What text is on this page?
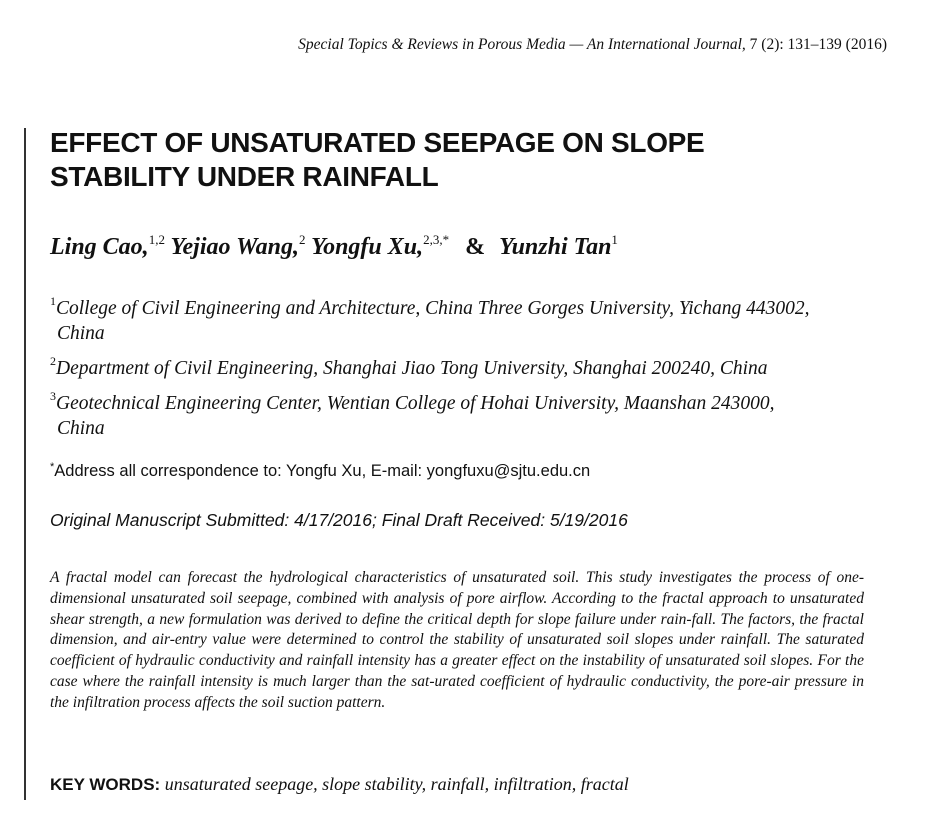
Special Topics & Reviews in Porous Media — An International Journal, 7 (2): 131–139 (2016)
EFFECT OF UNSATURATED SEEPAGE ON SLOPE
STABILITY UNDER RAINFALL
Ling Cao,$^{1,2}$ Yejiao Wang,$^2$ Yongfu Xu,$^{2,3,*}$ & Yunzhi Tan$^1$
$^1$College of Civil Engineering and Architecture, China Three Gorges University, Yichang 443002,
China
$^2$Department of Civil Engineering, Shanghai Jiao Tong University, Shanghai 200240, China
$^3$Geotechnical Engineering Center, Wentian College of Hohai University, Maanshan 243000,
China
*Address all correspondence to: Yongfu Xu, E-mail: yongfuxu@sjtu.edu.cn
Original Manuscript Submitted: 4/17/2016; Final Draft Received: 5/19/2016
A fractal model can forecast the hydrological characteristics of unsaturated soil. This study investigates the process of one-dimensional unsaturated soil seepage, combined with analysis of pore airflow. According to the fractal approach to unsaturated shear strength, a new formulation was derived to define the critical depth for slope failure under rain-fall. The factors, the fractal dimension, and air-entry value were determined to control the stability of unsaturated soil slopes under rainfall. The saturated coefficient of hydraulic conductivity and rainfall intensity has a greater effect on the instability of unsaturated soil slopes. For the case where the rainfall intensity is much larger than the sat-urated coefficient of hydraulic conductivity, the pore-air pressure in the infiltration process affects the soil suction pattern.
KEY WORDS: unsaturated seepage, slope stability, rainfall, infiltration, fractal
